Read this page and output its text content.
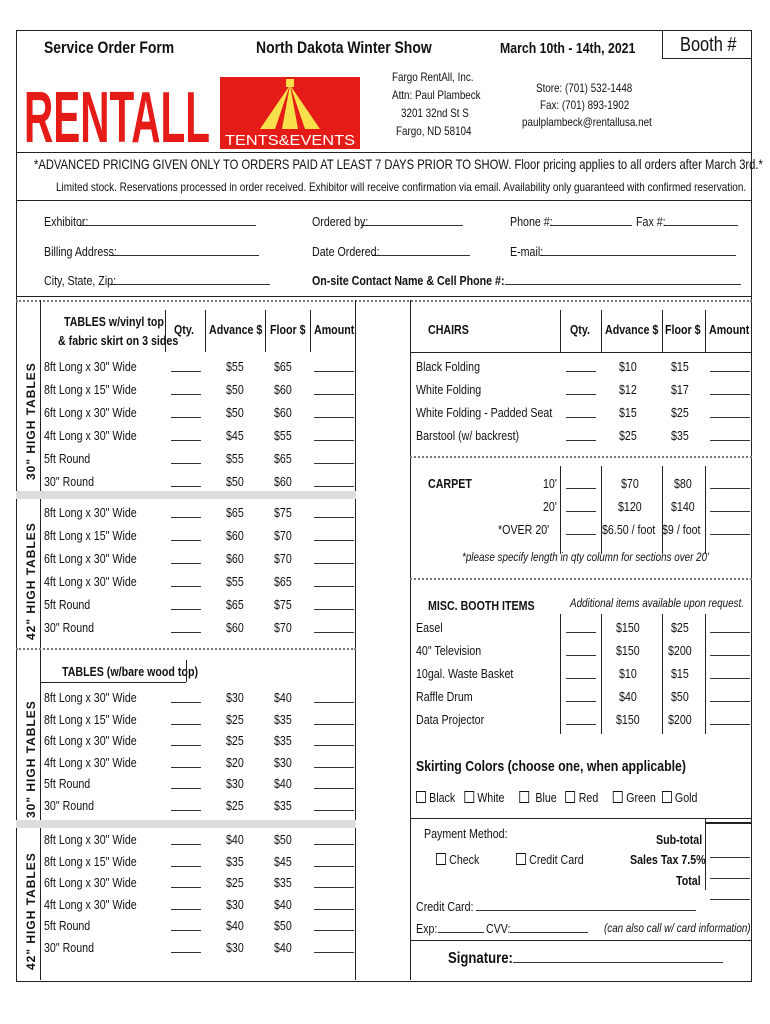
Service Order Form	North Dakota Winter Show	March 10th - 14th, 2021	Booth #
RENTALL TENTS&EVENTS
Fargo RentAll, Inc.
Attn: Paul Plambeck
3201 32nd St S
Fargo, ND 58104
Store: (701) 532-1448
Fax: (701) 893-1902
paulplambeck@rentallusa.net
*ADVANCED PRICING GIVEN ONLY TO ORDERS PAID AT LEAST 7 DAYS PRIOR TO SHOW. Floor pricing applies to all orders after March 3rd.*
Limited stock. Reservations processed in order received. Exhibitor will receive confirmation via email. Availability only guaranteed with confirmed reservation.
Exhibitor:	Ordered by:	Phone #:	Fax #:
Billing Address:	Date Ordered:	E-mail:
City, State, Zip:	On-site Contact Name & Cell Phone #:
TABLES w/vinyl top
& fabric skirt on 3 sides
Qty.	Advance $ Floor $ Amount
30" HIGH TABLES
42" HIGH TABLES
8ft Long x 30" Wide	$55	$65
8ft Long x 15" Wide	$50	$60
6ft Long x 30" Wide	$50	$60
4ft Long x 30" Wide	$45	$55
5ft Round	$55	$65
30" Round	$50	$60
8ft Long x 30" Wide	$65	$75
8ft Long x 15" Wide	$60	$70
6ft Long x 30" Wide	$60	$70
4ft Long x 30" Wide	$55	$65
5ft Round	$65	$75
30" Round	$60	$70
TABLES (w/bare wood top)
30" HIGH TABLES
42" HIGH TABLES
8ft Long x 30" Wide	$30	$40
8ft Long x 15" Wide	$25	$35
6ft Long x 30" Wide	$25	$35
4ft Long x 30" Wide	$20	$30
5ft Round	$30	$40
30" Round	$25	$35
8ft Long x 30" Wide	$40	$50
8ft Long x 15" Wide	$35	$45
6ft Long x 30" Wide	$25	$35
4ft Long x 30" Wide	$30	$40
5ft Round	$40	$50
30" Round	$30	$40
CHAIRS	Qty.	Advance $ Floor $ Amount
Black Folding	$10	$15
White Folding	$12	$17
White Folding - Padded Seat	$15	$25
Barstool (w/ backrest)	$25	$35
CARPET	10'	$70	$80
20'	$120	$140
*OVER 20'	$6.50 / foot $9 / foot
*please specify length in qty column for sections over 20'
MISC. BOOTH ITEMS	Additional items available upon request.
Easel	$150	$25
40" Television	$150	$200
10gal. Waste Basket	$10	$15
Raffle Drum	$40	$50
Data Projector	$150	$200
Skirting Colors (choose one, when applicable)
Black White Blue Red Green Gold
Payment Method:
Check	Credit Card
Sub-total
Sales Tax 7.5%
Total
Credit Card:
Exp:	CVV:	(can also call w/ card information)
Signature:
